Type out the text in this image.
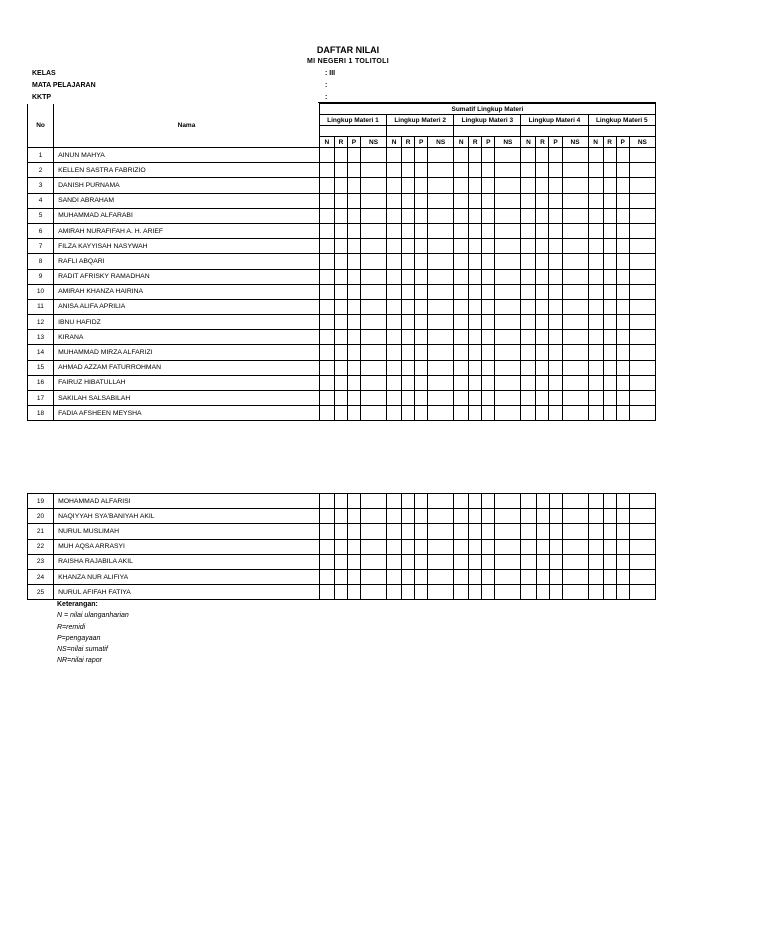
DAFTAR NILAI
MI NEGERI 1 TOLITOLI
KELAS	: III
MATA PELAJARAN	:
KKTP	:
No	Nama	Sumatif Lingkup Materi																			
		Lingkup Materi 1				Lingkup Materi 2				Lingkup Materi 3				Lingkup Materi 4				Lingkup Materi 5			

		N	R	P	NS	N	R	P	NS	N	R	P	NS	N	R	P	NS	N	R	P	NS
1	AINUN MAHYA																				
2	KELLEN SASTRA FABRIZIO																				
3	DANISH PURNAMA																				
4	SANDI ABRAHAM																				
5	MUHAMMAD ALFARABI																				
6	AMIRAH NURAFIFAH A. H. ARIEF																				
7	FILZA KAYYISAH NASYWAH																				
8	RAFLI ABQARI																				
9	RADIT AFRISKY RAMADHAN																				
10	AMIRAH KHANZA HAIRINA																				
11	ANISA ALIFA APRILIA																				
12	IBNU HAFIDZ																				
13	KIRANA																				
14	MUHAMMAD MIRZA ALFARIZI																				
15	AHMAD AZZAM FATURROHMAN																				
16	FAIRUZ HIBATULLAH																				
17	SAKILAH SALSABILAH																				
18	FADIA AFSHEEN MEYSHA																				
19	MOHAMMAD ALFARISI																				
20	NAQIYYAH SYA'BANIYAH AKIL																				
21	NURUL MUSLIMAH																				
22	MUH AQSA ARRASYI																				
23	RAISHA RAJABILA AKIL																				
24	KHANZA NUR ALIFIYA																				
25	NURUL AFIFAH FATIYA																				
Keterangan:
N = nilai ulanganharian
R=remidi
P=pengayaan
NS=nilai sumatif
NR=nilai rapor
